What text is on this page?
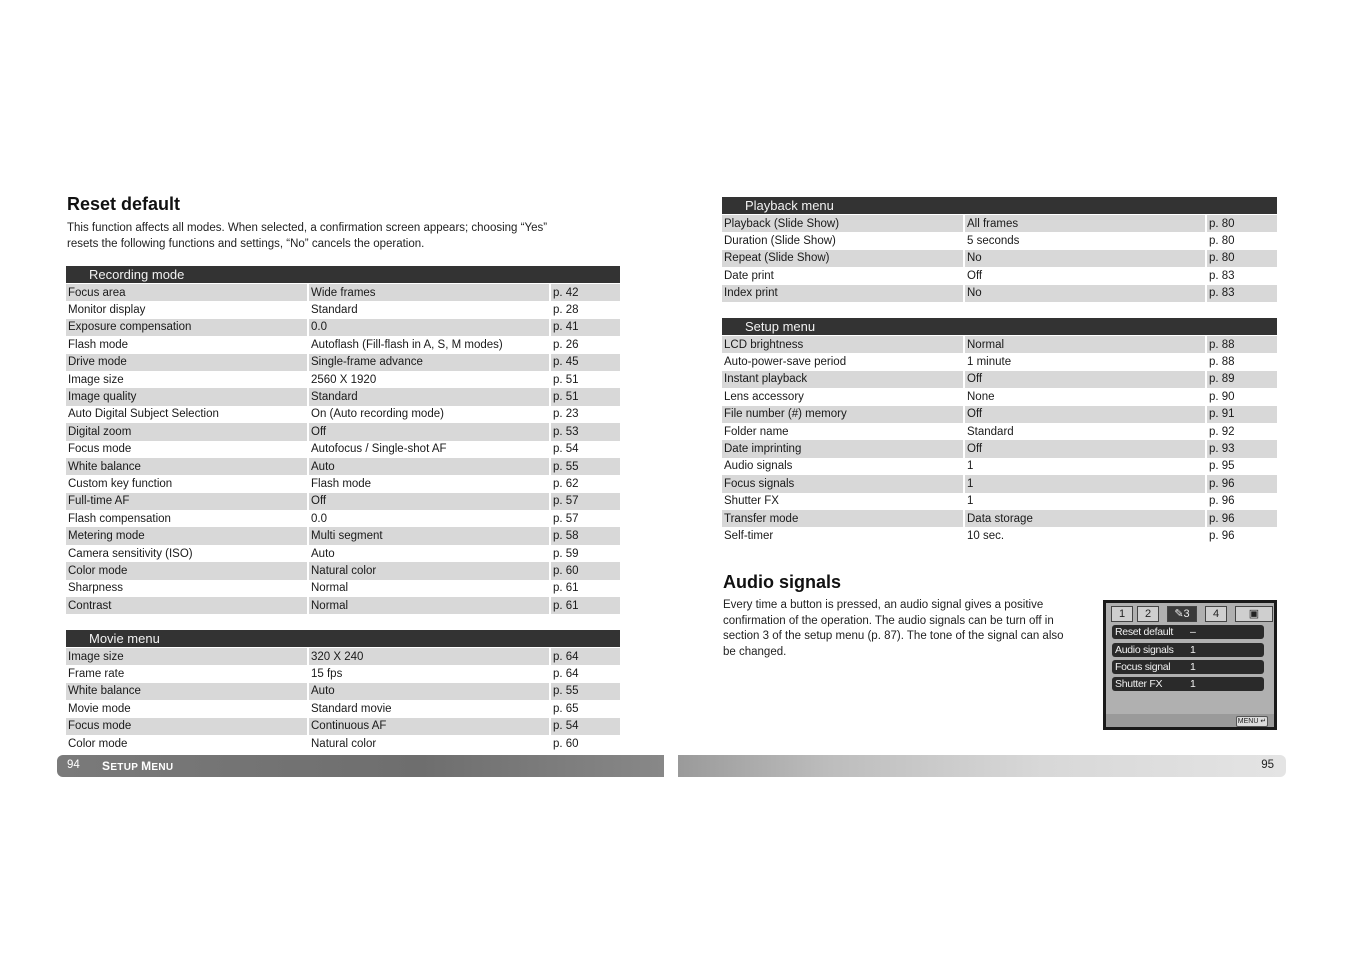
Reset default
This function affects all modes. When selected, a confirmation screen appears; choosing “Yes”
resets the following functions and settings, “No” cancels the operation.
Recording mode		
Focus area	Wide frames	p. 42
Monitor display	Standard	p. 28
Exposure compensation	0.0	p. 41
Flash mode	Autoflash (Fill-flash in A, S, M modes)	p. 26
Drive mode	Single-frame advance	p. 45
Image size	2560 X 1920	p. 51
Image quality	Standard	p. 51
Auto Digital Subject Selection	On (Auto recording mode)	p. 23
Digital zoom	Off	p. 53
Focus mode	Autofocus / Single-shot AF	p. 54
White balance	Auto	p. 55
Custom key function	Flash mode	p. 62
Full-time AF	Off	p. 57
Flash compensation	0.0	p. 57
Metering mode	Multi segment	p. 58
Camera sensitivity (ISO)	Auto	p. 59
Color mode	Natural color	p. 60
Sharpness	Normal	p. 61
Contrast	Normal	p. 61
Movie menu		
Image size	320 X 240	p. 64
Frame rate	15 fps	p. 64
White balance	Auto	p. 55
Movie mode	Standard movie	p. 65
Focus mode	Continuous AF	p. 54
Color mode	Natural color	p. 60
94 SETUP MENU
Playback menu		
Playback (Slide Show)	All frames	p. 80
Duration (Slide Show)	5 seconds	p. 80
Repeat (Slide Show)	No	p. 80
Date print	Off	p. 83
Index print	No	p. 83
Setup menu		
LCD brightness	Normal	p. 88
Auto-power-save period	1 minute	p. 88
Instant playback	Off	p. 89
Lens accessory	None	p. 90
File number (#) memory	Off	p. 91
Folder name	Standard	p. 92
Date imprinting	Off	p. 93
Audio signals	1	p. 95
Focus signals	1	p. 96
Shutter FX	1	p. 96
Transfer mode	Data storage	p. 96
Self-timer	10 sec.	p. 96
Audio signals
Every time a button is pressed, an audio signal gives a positive
confirmation of the operation. The audio signals can be turn off in
section 3 of the setup menu (p. 87). The tone of the signal can also
be changed.
1	2	✎3	4	▣
Reset default –
Audio signals 1
Focus signal 1
Shutter FX	1
MENU ↵
95
